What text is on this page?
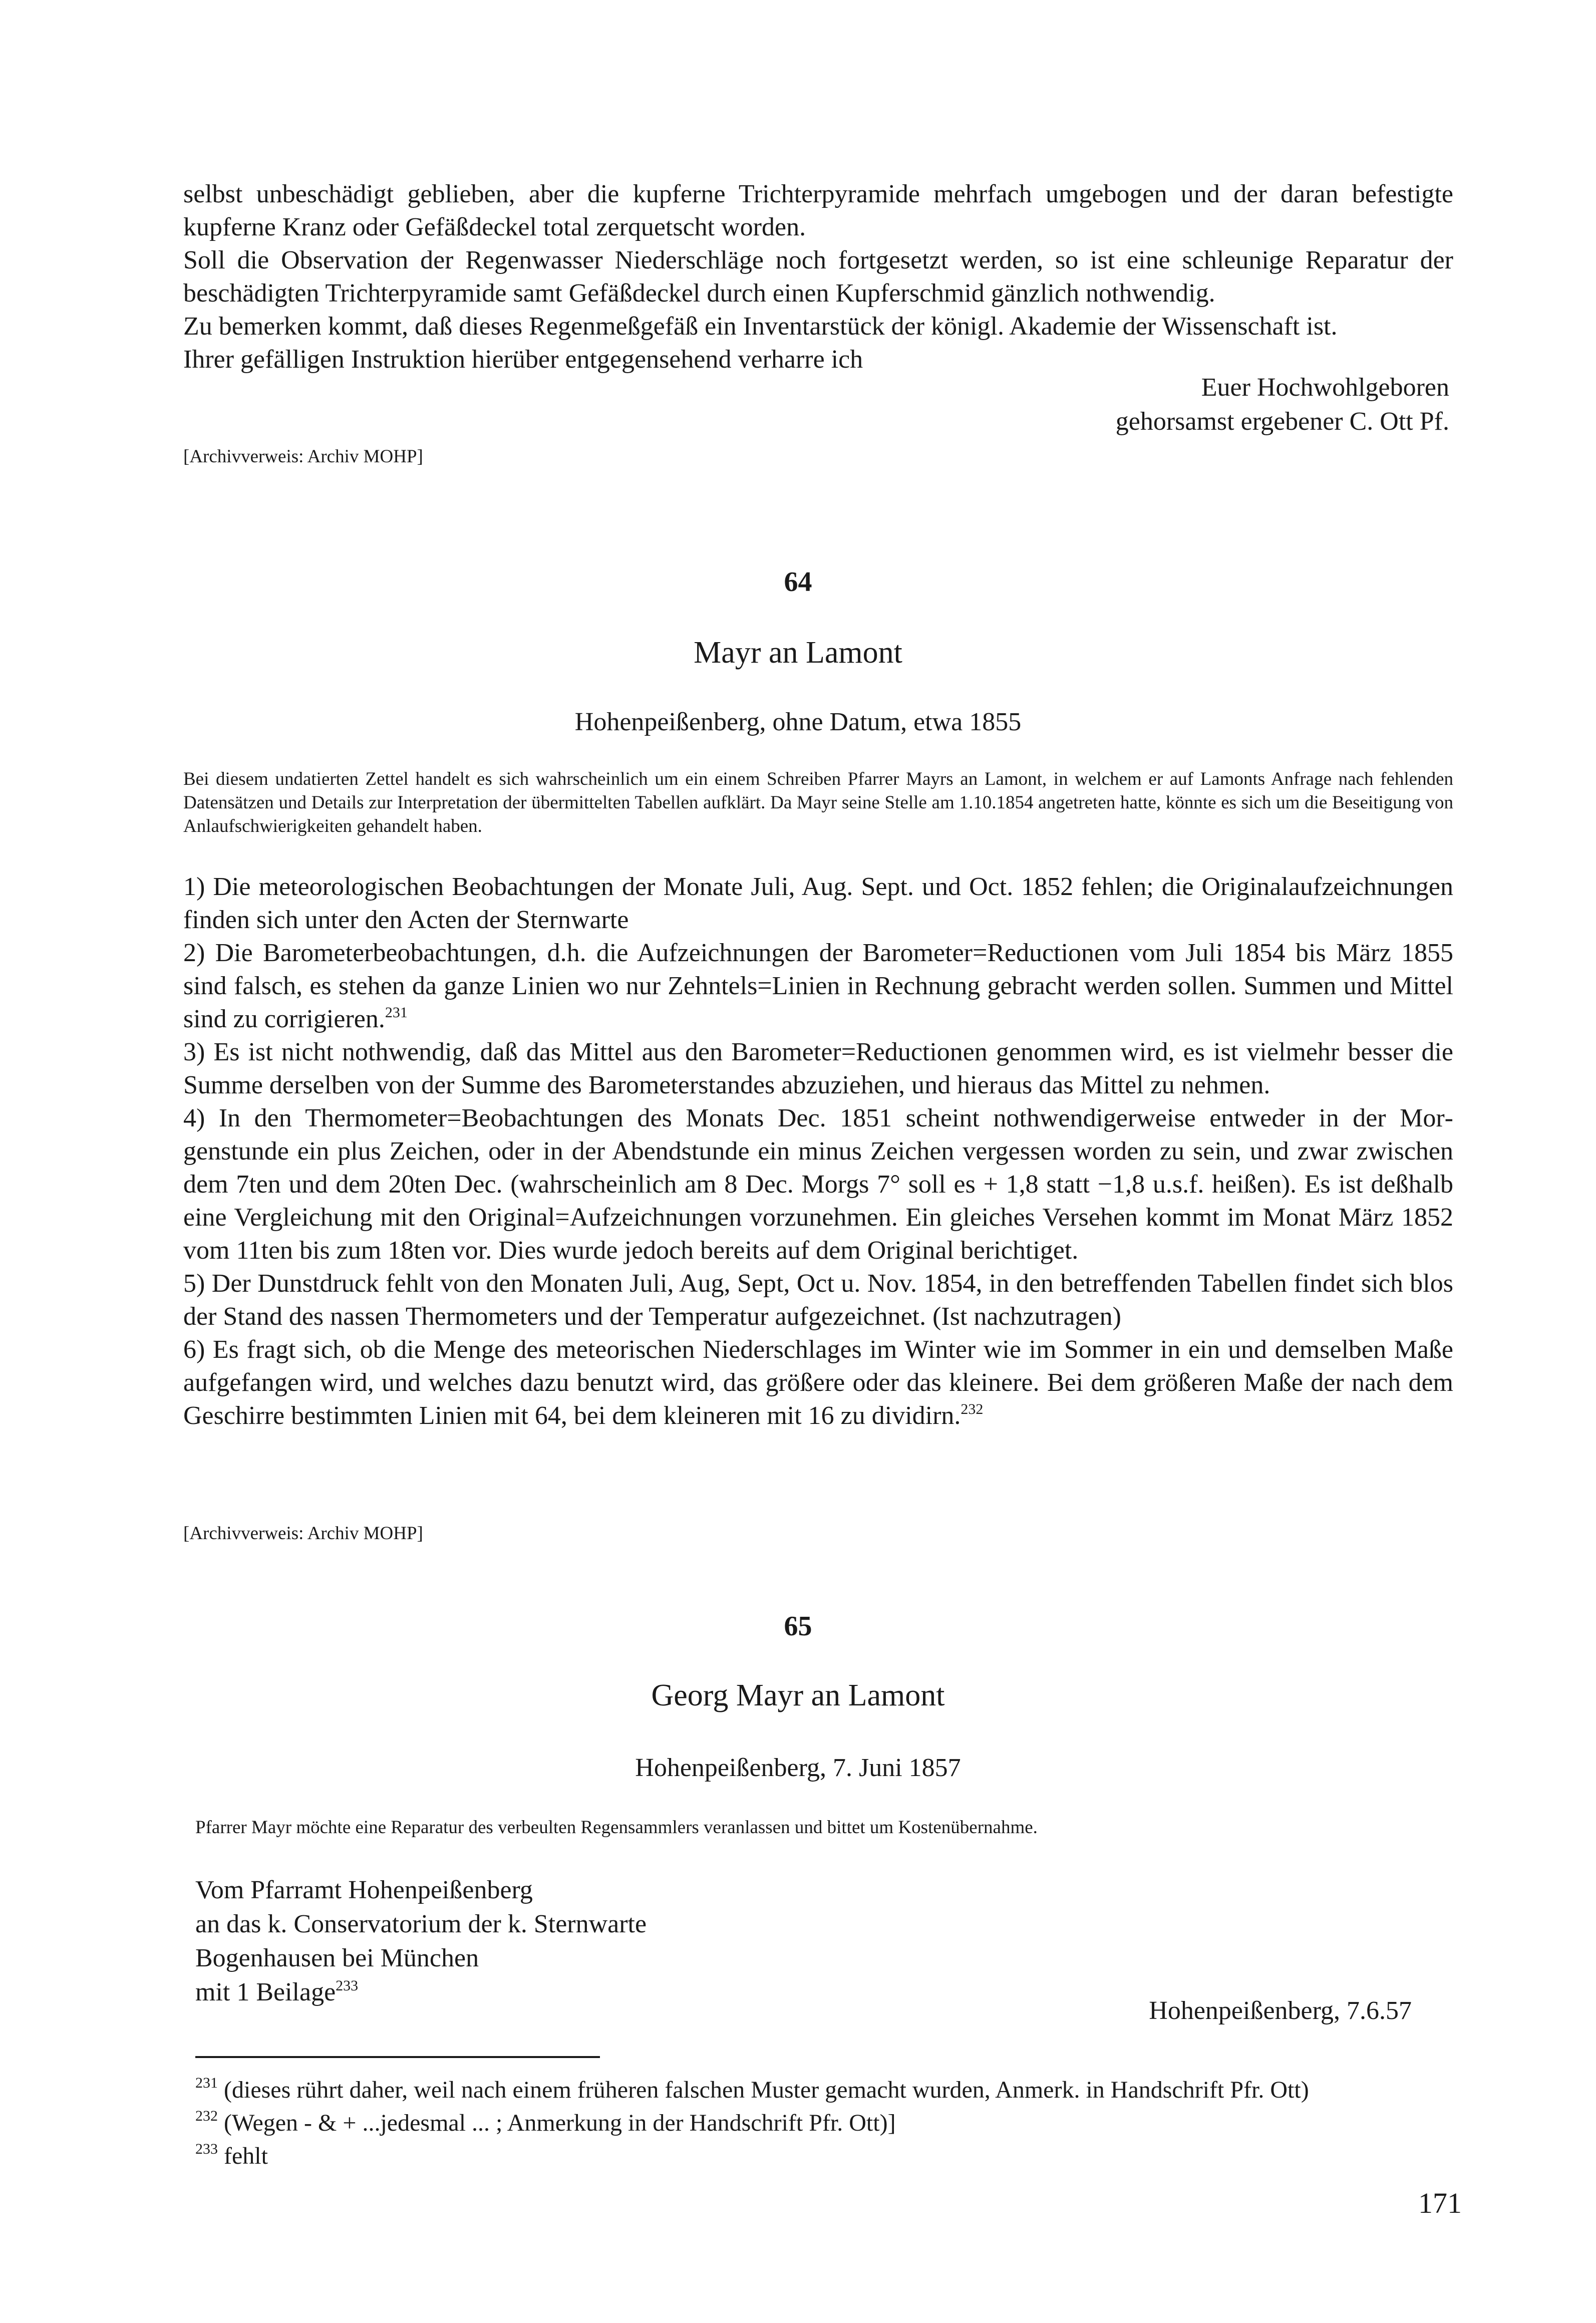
selbst unbeschädigt geblieben, aber die kupferne Trichterpyramide mehrfach umgebogen und der daran befestigte kupferne Kranz oder Gefäßdeckel total zerquetscht worden.

Soll die Observation der Regenwasser Niederschläge noch fortgesetzt werden, so ist eine schleunige Reparatur der beschädigten Trichterpyramide samt Gefäßdeckel durch einen Kupferschmid gänzlich nothwendig.

Zu bemerken kommt, daß dieses Regenmeßgefäß ein Inventarstück der königl. Akademie der Wissenschaft ist.

Ihrer gefälligen Instruktion hierüber entgegensehend verharre ich

Euer Hochwohlgeboren
gehorsamst ergebener C. Ott Pf.
[Archivverweis: Archiv MOHP]
64
Mayr an Lamont
Hohenpeißenberg, ohne Datum, etwa 1855
Bei diesem undatierten Zettel handelt es sich wahrscheinlich um ein einem Schreiben Pfarrer Mayrs an Lamont, in welchem er auf Lamonts Anfrage nach fehlenden Datensätzen und Details zur Interpretation der übermittelten Tabellen aufklärt. Da Mayr seine Stelle am 1.10.1854 angetreten hatte, könnte es sich um die Beseitigung von Anlaufschwierigkeiten gehandelt haben.

1) Die meteorologischen Beobachtungen der Monate Juli, Aug. Sept. und Oct. 1852 fehlen; die Originalaufzeichnungen finden sich unter den Acten der Sternwarte

2) Die Barometerbeobachtungen, d.h. die Aufzeichnungen der Barometer=Reductionen vom Juli 1854 bis März 1855 sind falsch, es stehen da ganze Linien wo nur Zehntels=Linien in Rechnung gebracht werden sollen. Summen und Mittel sind zu corrigieren.$^{231}$

3) Es ist nicht nothwendig, daß das Mittel aus den Barometer=Reductionen genommen wird, es ist vielmehr besser die Summe derselben von der Summe des Barometerstandes abzuziehen, und hieraus das Mittel zu nehmen.

4) In den Thermometer=Beobachtungen des Monats Dec. 1851 scheint nothwendigerweise entweder in der Morgenstunde ein plus Zeichen, oder in der Abendstunde ein minus Zeichen vergessen worden zu sein, und zwar zwischen dem 7ten und dem 20ten Dec. (wahrscheinlich am 8 Dec. Morgs 7° soll es + 1,8 statt −1,8 u.s.f. heißen). Es ist deßhalb eine Vergleichung mit den Original=Aufzeichnungen vorzunehmen. Ein gleiches Versehen kommt im Monat März 1852 vom 11ten bis zum 18ten vor. Dies wurde jedoch bereits auf dem Original berichtiget.

5) Der Dunstdruck fehlt von den Monaten Juli, Aug, Sept, Oct u. Nov. 1854, in den betreffenden Tabellen findet sich blos der Stand des nassen Thermometers und der Temperatur aufgezeichnet. (Ist nachzutragen)

6) Es fragt sich, ob die Menge des meteorischen Niederschlages im Winter wie im Sommer in ein und demselben Maße aufgefangen wird, und welches dazu benutzt wird, das größere oder das kleinere. Bei dem größeren Maße der nach dem Geschirre bestimmten Linien mit 64, bei dem kleineren mit 16 zu dividirn.$^{232}$

[Archivverweis: Archiv MOHP]
65
Georg Mayr an Lamont
Hohenpeißenberg, 7. Juni 1857
Pfarrer Mayr möchte eine Reparatur des verbeulten Regensammlers veranlassen und bittet um Kostenübernahme.
Vom Pfarramt Hohenpeißenberg
an das k. Conservatorium der k. Sternwarte
Bogenhausen bei München
mit 1 Beilage$^{233}$
Hohenpeißenberg, 7.6.57
$^{231}$ (dieses rührt daher, weil nach einem früheren falschen Muster gemacht wurden, Anmerk. in Handschrift Pfr. Ott)
$^{232}$ (Wegen - & + ...jedesmal ... ; Anmerkung in der Handschrift Pfr. Ott)]
$^{233}$ fehlt
171
